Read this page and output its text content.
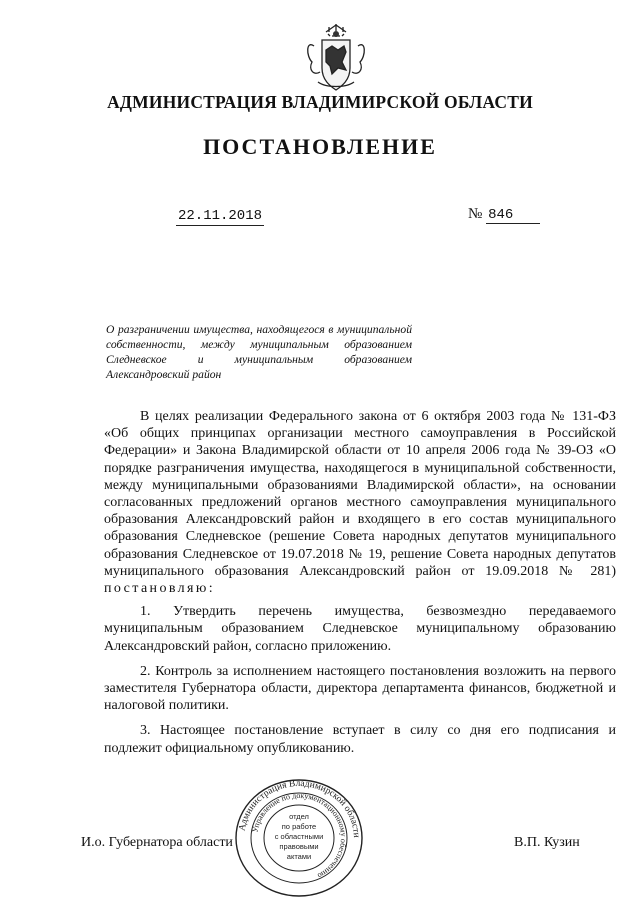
АДМИНИСТРАЦИЯ ВЛАДИМИРСКОЙ ОБЛАСТИ
ПОСТАНОВЛЕНИЕ
22.11.2018	№ 846
О разграничении имущества, находящегося в муниципальной собственности, между муниципальным образованием Следневское и муниципальным образованием Александровский район

В целях реализации Федерального закона от 6 октября 2003 года № 131-ФЗ «Об общих принципах организации местного самоуправления в Российской Федерации» и Закона Владимирской области от 10 апреля 2006 года № 39-ОЗ «О порядке разграничения имущества, находящегося в муниципальной собственности, между муниципальными образованиями Владимирской области», на основании согласованных предложений органов местного самоуправления муниципального образования Александровский район и входящего в его состав муниципального образования Следневское (решение Совета народных депутатов муниципального образования Следневское от 19.07.2018 № 19, решение Совета народных депутатов муниципального образования Александровский район от 19.09.2018 № 281) постановляю:

1. Утвердить перечень имущества, безвозмездно передаваемого муниципальным образованием Следневское муниципальному образованию Александровский район, согласно приложению.

2. Контроль за исполнением настоящего постановления возложить на первого заместителя Губернатора области, директора департамента финансов, бюджетной и налоговой политики.

3. Настоящее постановление вступает в силу со дня его подписания и подлежит официальному опубликованию.

Администрация Владимирской области
Управление по документационному обеспечению
отдел
по работе
с областными
правовыми
актами
И.о. Губернатора области	В.П. Кузин
